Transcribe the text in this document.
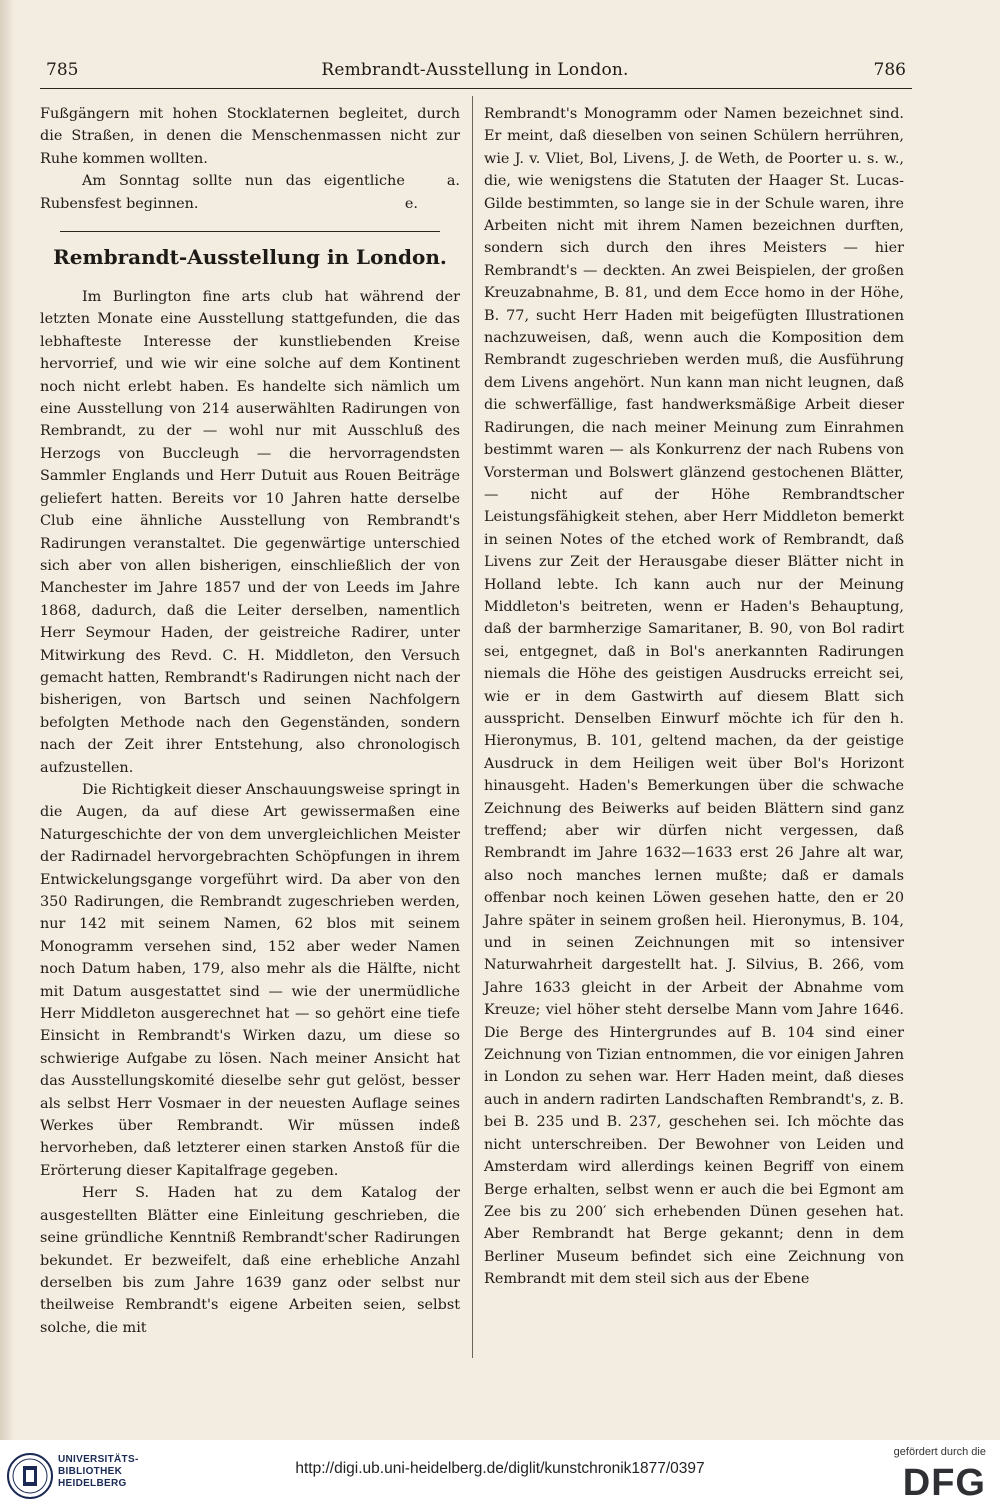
785	Rembrandt-Ausstellung in London.	786

Fußgängern mit hohen Stocklaternen begleitet, durch die Straßen, in denen die Menschenmassen nicht zur Ruhe kommen wollten.

Am Sonntag sollte nun das eigentliche Rubensfest beginnen.
a. e.

Rembrandt-Ausstellung in London.

Im Burlington fine arts club hat während der letzten Monate eine Ausstellung stattgefunden, die das lebhafteste Interesse der kunstliebenden Kreise hervorrief, und wie wir eine solche auf dem Kontinent noch nicht erlebt haben. Es handelte sich nämlich um eine Ausstellung von 214 auserwählten Radirungen von Rembrandt, zu der — wohl nur mit Ausschluß des Herzogs von Buccleugh — die hervorragendsten Sammler Englands und Herr Dutuit aus Rouen Beiträge geliefert hatten. Bereits vor 10 Jahren hatte derselbe Club eine ähnliche Ausstellung von Rembrandt's Radirungen veranstaltet. Die gegenwärtige unterschied sich aber von allen bisherigen, einschließlich der von Manchester im Jahre 1857 und der von Leeds im Jahre 1868, dadurch, daß die Leiter derselben, namentlich Herr Seymour Haden, der geistreiche Radirer, unter Mitwirkung des Revd. C. H. Middleton, den Versuch gemacht hatten, Rembrandt's Radirungen nicht nach der bisherigen, von Bartsch und seinen Nachfolgern befolgten Methode nach den Gegenständen, sondern nach der Zeit ihrer Entstehung, also chronologisch aufzustellen.

Die Richtigkeit dieser Anschauungsweise springt in die Augen, da auf diese Art gewissermaßen eine Naturgeschichte der von dem unvergleichlichen Meister der Radirnadel hervorgebrachten Schöpfungen in ihrem Entwickelungsgange vorgeführt wird. Da aber von den 350 Radirungen, die Rembrandt zugeschrieben werden, nur 142 mit seinem Namen, 62 blos mit seinem Monogramm versehen sind, 152 aber weder Namen noch Datum haben, 179, also mehr als die Hälfte, nicht mit Datum ausgestattet sind — wie der unermüdliche Herr Middleton ausgerechnet hat — so gehört eine tiefe Einsicht in Rembrandt's Wirken dazu, um diese so schwierige Aufgabe zu lösen. Nach meiner Ansicht hat das Ausstellungskomité dieselbe sehr gut gelöst, besser als selbst Herr Vosmaer in der neuesten Auflage seines Werkes über Rembrandt. Wir müssen indeß hervorheben, daß letzterer einen starken Anstoß für die Erörterung dieser Kapitalfrage gegeben.

Herr S. Haden hat zu dem Katalog der ausgestellten Blätter eine Einleitung geschrieben, die seine gründliche Kenntniß Rembrandt'scher Radirungen bekundet. Er bezweifelt, daß eine erhebliche Anzahl derselben bis zum Jahre 1639 ganz oder selbst nur theilweise Rembrandt's eigene Arbeiten seien, selbst solche, die mit

Rembrandt's Monogramm oder Namen bezeichnet sind. Er meint, daß dieselben von seinen Schülern herrühren, wie J. v. Vliet, Bol, Livens, J. de Weth, de Poorter u. s. w., die, wie wenigstens die Statuten der Haager St. Lucas-Gilde bestimmten, so lange sie in der Schule waren, ihre Arbeiten nicht mit ihrem Namen bezeichnen durften, sondern sich durch den ihres Meisters — hier Rembrandt's — deckten. An zwei Beispielen, der großen Kreuzabnahme, B. 81, und dem Ecce homo in der Höhe, B. 77, sucht Herr Haden mit beigefügten Illustrationen nachzuweisen, daß, wenn auch die Komposition dem Rembrandt zugeschrieben werden muß, die Ausführung dem Livens angehört. Nun kann man nicht leugnen, daß die schwerfällige, fast handwerksmäßige Arbeit dieser Radirungen, die nach meiner Meinung zum Einrahmen bestimmt waren — als Konkurrenz der nach Rubens von Vorsterman und Bolswert glänzend gestochenen Blätter, — nicht auf der Höhe Rembrandtscher Leistungsfähigkeit stehen, aber Herr Middleton bemerkt in seinen Notes of the etched work of Rembrandt, daß Livens zur Zeit der Herausgabe dieser Blätter nicht in Holland lebte. Ich kann auch nur der Meinung Middleton's beitreten, wenn er Haden's Behauptung, daß der barmherzige Samaritaner, B. 90, von Bol radirt sei, entgegnet, daß in Bol's anerkannten Radirungen niemals die Höhe des geistigen Ausdrucks erreicht sei, wie er in dem Gastwirth auf diesem Blatt sich ausspricht. Denselben Einwurf möchte ich für den h. Hieronymus, B. 101, geltend machen, da der geistige Ausdruck in dem Heiligen weit über Bol's Horizont hinausgeht. Haden's Bemerkungen über die schwache Zeichnung des Beiwerks auf beiden Blättern sind ganz treffend; aber wir dürfen nicht vergessen, daß Rembrandt im Jahre 1632—1633 erst 26 Jahre alt war, also noch manches lernen mußte; daß er damals offenbar noch keinen Löwen gesehen hatte, den er 20 Jahre später in seinem großen heil. Hieronymus, B. 104, und in seinen Zeichnungen mit so intensiver Naturwahrheit dargestellt hat. J. Silvius, B. 266, vom Jahre 1633 gleicht in der Arbeit der Abnahme vom Kreuze; viel höher steht derselbe Mann vom Jahre 1646. Die Berge des Hintergrundes auf B. 104 sind einer Zeichnung von Tizian entnommen, die vor einigen Jahren in London zu sehen war. Herr Haden meint, daß dieses auch in andern radirten Landschaften Rembrandt's, z. B. bei B. 235 und B. 237, geschehen sei. Ich möchte das nicht unterschreiben. Der Bewohner von Leiden und Amsterdam wird allerdings keinen Begriff von einem Berge erhalten, selbst wenn er auch die bei Egmont am Zee bis zu 200′ sich erhebenden Dünen gesehen hat. Aber Rembrandt hat Berge gekannt; denn in dem Berliner Museum befindet sich eine Zeichnung von Rembrandt mit dem steil sich aus der Ebene

UNIVERSITÄTS-
BIBLIOTHEK
HEIDELBERG
http://digi.ub.uni-heidelberg.de/diglit/kunstchronik1877/0397
gefördert durch die
DFG
